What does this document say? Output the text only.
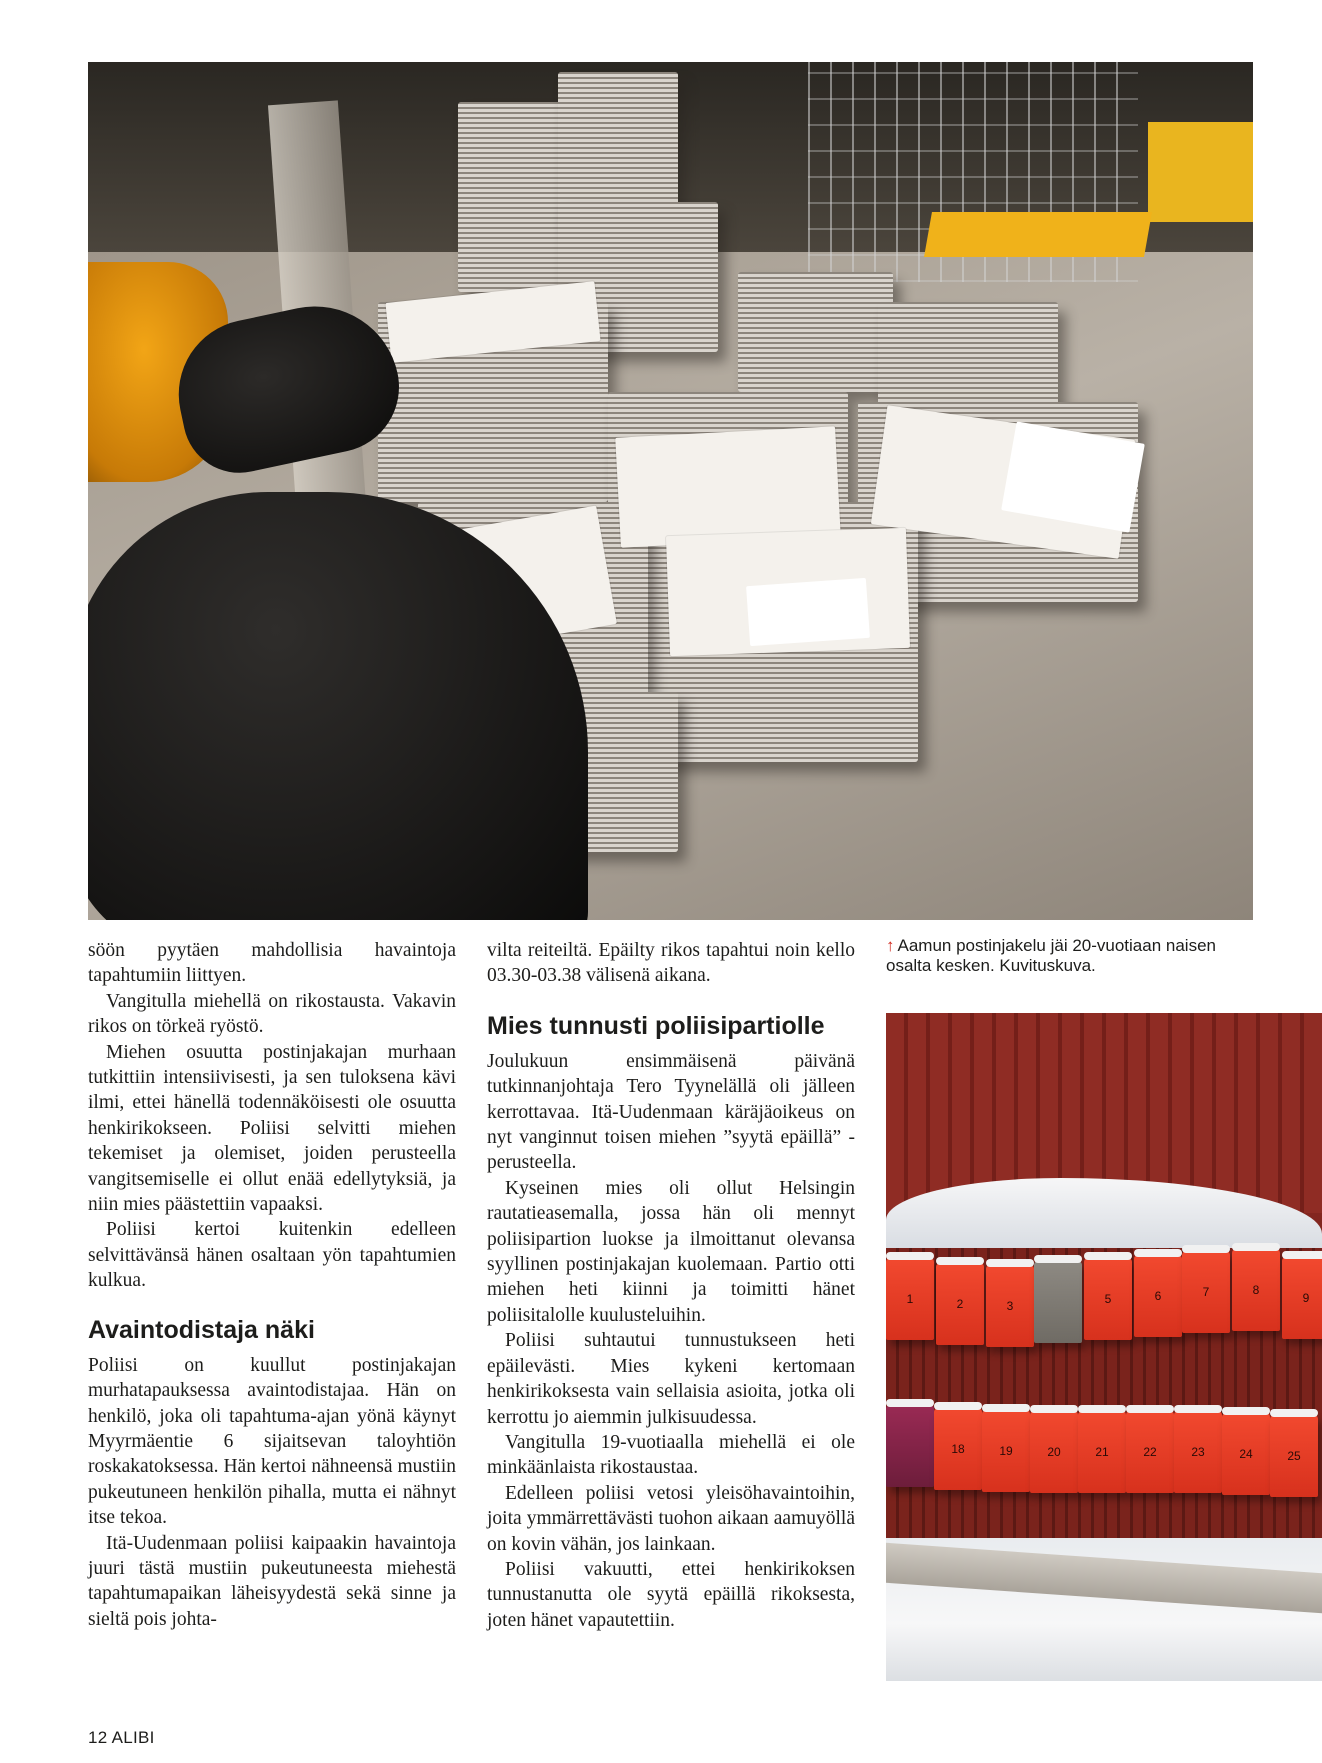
söön pyytäen mahdollisia havaintoja tapahtumiin liittyen.

Vangitulla miehellä on rikostausta. Vakavin rikos on törkeä ryöstö.

Miehen osuutta postinjakajan murhaan tutkittiin intensiivisesti, ja sen tuloksena kävi ilmi, ettei hänellä todennäköisesti ole osuutta henkirikokseen. Poliisi selvitti miehen tekemiset ja olemiset, joiden perusteella vangitsemiselle ei ollut enää edellytyksiä, ja niin mies päästettiin vapaaksi.

Poliisi kertoi kuitenkin edelleen selvittävänsä hänen osaltaan yön tapahtumien kulkua.

Avaintodistaja näki

Poliisi on kuullut postinjakajan murhatapauksessa avaintodistajaa. Hän on henkilö, joka oli tapahtuma-ajan yönä käynyt Myyrmäentie 6 sijaitsevan taloyhtiön roskakatoksessa. Hän kertoi nähneensä mustiin pukeutuneen henkilön pihalla, mutta ei nähnyt itse tekoa.

Itä-Uudenmaan poliisi kaipaakin havaintoja juuri tästä mustiin pukeutuneesta miehestä tapahtumapaikan läheisyydestä sekä sinne ja sieltä pois johta-

vilta reiteiltä. Epäilty rikos tapahtui noin kello 03.30-03.38 välisenä aikana.

Mies tunnusti poliisipartiolle

Joulukuun ensimmäisenä päivänä tutkinnanjohtaja Tero Tyynelällä oli jälleen kerrottavaa. Itä-Uudenmaan käräjäoikeus on nyt vanginnut toisen miehen ”syytä epäillä” -perusteella.

Kyseinen mies oli ollut Helsingin rautatieasemalla, jossa hän oli mennyt poliisipartion luokse ja ilmoittanut olevansa syyllinen postinjakajan kuolemaan. Partio otti miehen heti kiinni ja toimitti hänet poliisitalolle kuulusteluihin.

Poliisi suhtautui tunnustukseen heti epäilevästi. Mies kykeni kertomaan henkirikoksesta vain sellaisia asioita, jotka oli kerrottu jo aiemmin julkisuudessa.

Vangitulla 19-vuotiaalla miehellä ei ole minkäänlaista rikostaustaa.

Edelleen poliisi vetosi yleisöhavaintoihin, joita ymmärrettävästi tuohon aikaan aamuyöllä on kovin vähän, jos lainkaan.

Poliisi vakuutti, ettei henkirikoksen tunnustanutta ole syytä epäillä rikoksesta, joten hänet vapautettiin.

↑ Aamun postinjakelu jäi 20-vuotiaan naisen osalta kesken. Kuvituskuva.
1	2	3	5	6	7	8
9
18	19	20	21	22	23	24	25
12 ALIBI
